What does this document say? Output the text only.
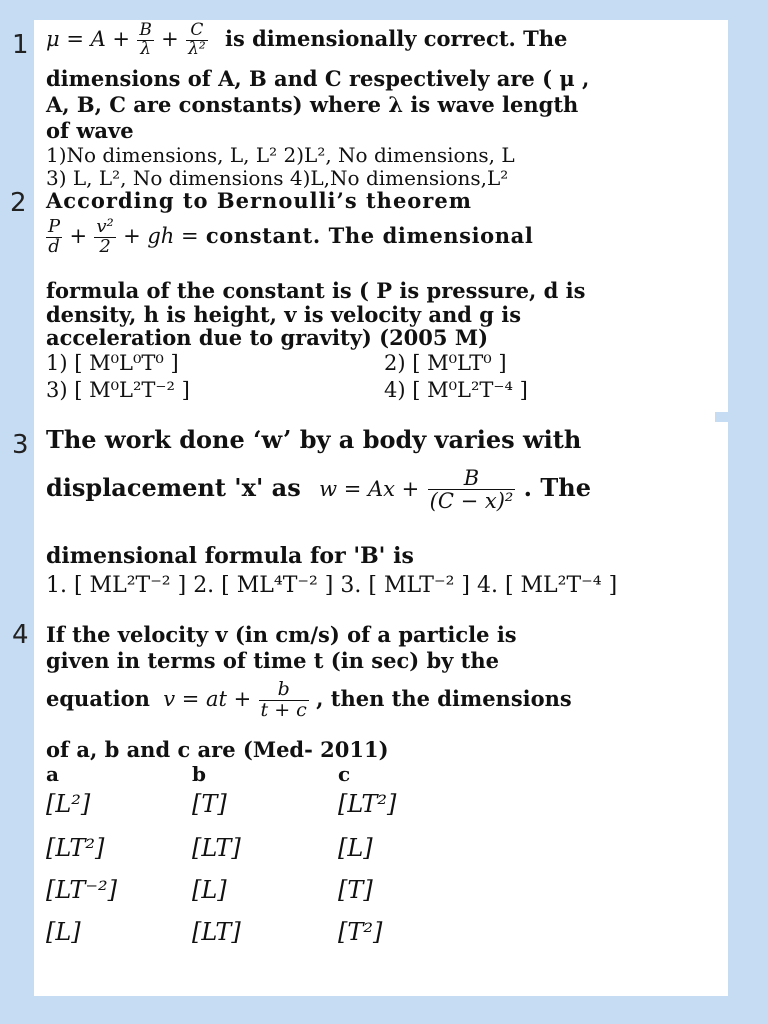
1
2
3
4
$\mu = A + \frac{B}{\lambda} + \frac{C}{\text{λ²}}$ is dimensionally correct. The
dimensions of A, B and C respectively are ( μ ,
A, B, C are constants) where λ is wave length
of wave
1)No dimensions, L, L² 2)L², No dimensions, L
3) L, L², No dimensions 4)L,No dimensions,L²
According to Bernoulli’s theorem
$\frac{P}{d} + \frac{\text{v²}}{2}$ + gh = constant. The dimensional
formula of the constant is ( P is pressure, d is
density, h is height, v is velocity and g is
acceleration due to gravity) (2005 M)
1) [ M⁰L⁰T⁰ ]	2) [ M⁰LT⁰ ]
3) [ M⁰L²T⁻² ]	4) [ M⁰L²T⁻⁴ ]
The work done ‘w’ by a body varies with
displacement 'x' as $w = Ax + \frac{B}{\text{(C − x)²}}$ . The
dimensional formula for 'B' is
1. [ ML²T⁻² ] 2. [ ML⁴T⁻² ] 3. [ MLT⁻² ] 4. [ ML²T⁻⁴ ]
If the velocity v (in cm/s) of a particle is
given in terms of time t (in sec) by the
equation v = at + $\frac{b}{t + c}$ , then the dimensions
of a, b and c are (Med- 2011)
a	b	c
[L²]	[T]	[LT²]
[LT²]	[LT]	[L]
[LT⁻²]	[L]	[T]
[L]	[LT]	[T²]
